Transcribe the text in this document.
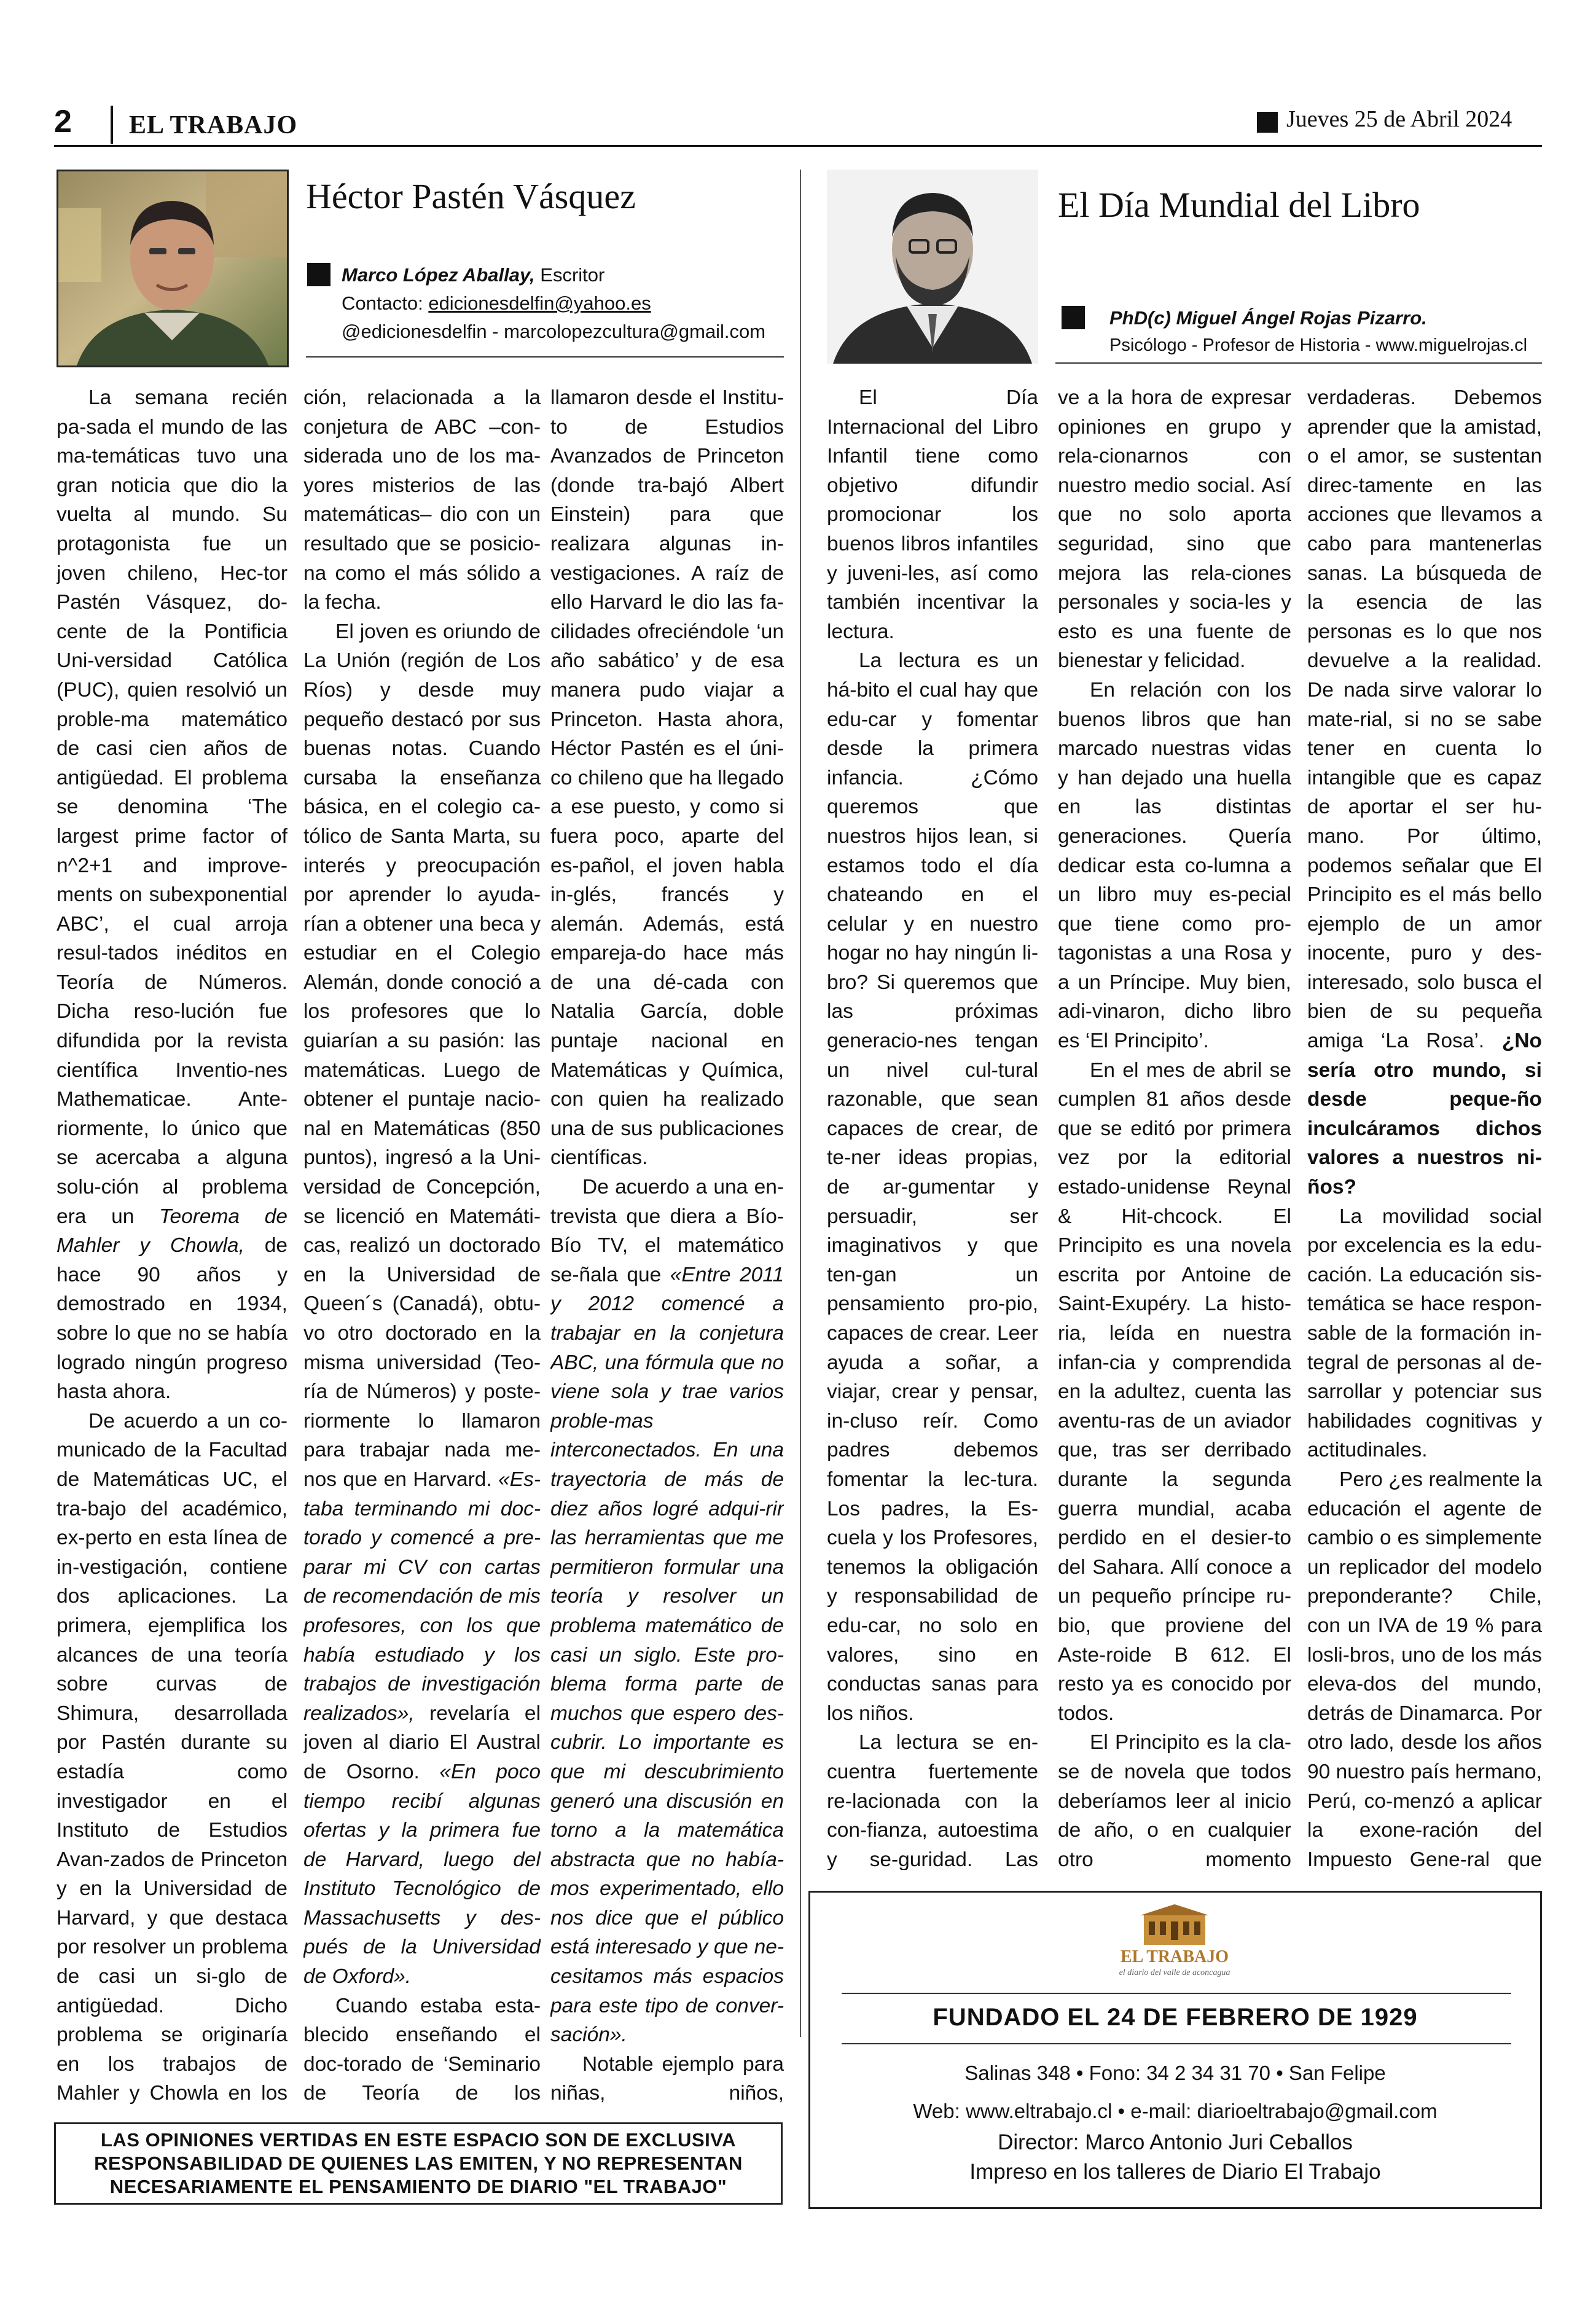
2 EL TRABAJO	Jueves 25 de Abril 2024
Héctor Pastén Vásquez
Marco López Aballay, Escritor
Contacto: edicionesdelfin@yahoo.es
@edicionesdelfin - marcolopezcultura@gmail.com

La semana recién pa-sada el mundo de las ma-temáticas tuvo una gran noticia que dio la vuelta al mundo. Su protagonista fue un joven chileno, Hec-tor Pastén Vásquez, do-cente de la Pontificia Uni-versidad Católica (PUC), quien resolvió un proble-ma matemático de casi cien años de antigüedad. El problema se denomina ‘The largest prime factor of n^2+1 and improve-ments on subexponential ABC’, el cual arroja resul-tados inéditos en Teoría de Números. Dicha reso-lución fue difundida por la revista científica Inventio-nes Mathematicae. Ante-riormente, lo único que se acercaba a alguna solu-ción al problema era un Teorema de Mahler y Chowla, de hace 90 años y demostrado en 1934, sobre lo que no se había logrado ningún progreso hasta ahora.

De acuerdo a un co-municado de la Facultad de Matemáticas UC, el tra-bajo del académico, ex-perto en esta línea de in-vestigación, contiene dos aplicaciones. La primera, ejemplifica los alcances de una teoría sobre curvas de Shimura, desarrollada por Pastén durante su estadía como investigador en el Instituto de Estudios Avan-zados de Princeton y en la Universidad de Harvard, y que destaca por resolver un problema de casi un si-glo de antigüedad. Dicho problema se originaría en los trabajos de Mahler y Chowla en los

ción, relacionada a la conjetura de ABC –con-siderada uno de los ma-yores misterios de las matemáticas– dio con un resultado que se posicio-na como el más sólido a la fecha.

El joven es oriundo de La Unión (región de Los Ríos) y desde muy pequeño destacó por sus buenas notas. Cuando cursaba la enseñanza básica, en el colegio ca-tólico de Santa Marta, su interés y preocupación por aprender lo ayuda-rían a obtener una beca y estudiar en el Colegio Alemán, donde conoció a los profesores que lo guiarían a su pasión: las matemáticas. Luego de obtener el puntaje nacio-nal en Matemáticas (850 puntos), ingresó a la Uni-versidad de Concepción, se licenció en Matemáti-cas, realizó un doctorado en la Universidad de Queen´s (Canadá), obtu-vo otro doctorado en la misma universidad (Teo-ría de Números) y poste-riormente lo llamaron para trabajar nada me-nos que en Harvard. «Es-taba terminando mi doc-torado y comencé a pre-parar mi CV con cartas de recomendación de mis profesores, con los que había estudiado y los trabajos de investigación realizados», revelaría el joven al diario El Austral de Osorno. «En poco tiempo recibí algunas ofertas y la primera fue de Harvard, luego del Instituto Tecnológico de Massachusetts y des-pués de la Universidad de Oxford».

Cuando estaba esta-blecido enseñando el doc-torado de ‘Seminario de Teoría de los

llamaron desde el Institu-to de Estudios Avanzados de Princeton (donde tra-bajó Albert Einstein) para que realizara algunas in-vestigaciones. A raíz de ello Harvard le dio las fa-cilidades ofreciéndole ‘un año sabático’ y de esa manera pudo viajar a Princeton. Hasta ahora, Héctor Pastén es el úni-co chileno que ha llegado a ese puesto, y como si fuera poco, aparte del es-pañol, el joven habla in-glés, francés y alemán. Además, está empareja-do hace más de una dé-cada con Natalia García, doble puntaje nacional en Matemáticas y Química, con quien ha realizado una de sus publicaciones científicas.

De acuerdo a una en-trevista que diera a Bío-Bío TV, el matemático se-ñala que «Entre 2011 y 2012 comencé a trabajar en la conjetura ABC, una fórmula que no viene sola y trae varios proble-mas interconectados. En una trayectoria de más de diez años logré adqui-rir las herramientas que me permitieron formular una teoría y resolver un problema matemático de casi un siglo. Este pro-blema forma parte de muchos que espero des-cubrir. Lo importante es que mi descubrimiento generó una discusión en torno a la matemática abstracta que no había-mos experimentado, ello nos dice que el público está interesado y que ne-cesitamos más espacios para este tipo de conver-sación».

Notable ejemplo para niñas, niños,

LAS OPINIONES VERTIDAS EN ESTE ESPACIO SON DE EXCLUSIVA RESPONSABILIDAD DE QUIENES LAS EMITEN, Y NO REPRESENTAN NECESARIAMENTE EL PENSAMIENTO DE DIARIO "EL TRABAJO"
El Día Mundial del Libro
PhD(c) Miguel Ángel Rojas Pizarro.
Psicólogo - Profesor de Historia - www.miguelrojas.cl

El Día Internacional del Libro Infantil tiene como objetivo difundir promocionar los buenos libros infantiles y juveni-les, así como también incentivar la lectura.

La lectura es un há-bito el cual hay que edu-car y fomentar desde la primera infancia. ¿Cómo queremos que nuestros hijos lean, si estamos todo el día chateando en el celular y en nuestro hogar no hay ningún li-bro? Si queremos que las próximas generacio-nes tengan un nivel cul-tural razonable, que sean capaces de crear, de te-ner ideas propias, de ar-gumentar y persuadir, ser imaginativos y que ten-gan un pensamiento pro-pio, capaces de crear. Leer ayuda a soñar, a viajar, crear y pensar, in-cluso reír. Como padres debemos fomentar la lec-tura. Los padres, la Es-cuela y los Profesores, tenemos la obligación y responsabilidad de edu-car, no solo en valores, sino en conductas sanas para los niños.

La lectura se en-cuentra fuertemente re-lacionada con la con-fianza, autoestima y se-guridad. Las

ve a la hora de expresar opiniones en grupo y rela-cionarnos con nuestro medio social. Así que no solo aporta seguridad, sino que mejora las rela-ciones personales y socia-les y esto es una fuente de bienestar y felicidad.

En relación con los buenos libros que han marcado nuestras vidas y han dejado una huella en las distintas generaciones. Quería dedicar esta co-lumna a un libro muy es-pecial que tiene como pro-tagonistas a una Rosa y a un Príncipe. Muy bien, adi-vinaron, dicho libro es ‘El Principito’.

En el mes de abril se cumplen 81 años desde que se editó por primera vez por la editorial estado-unidense Reynal & Hit-chcock. El Principito es una novela escrita por Antoine de Saint-Exupéry. La histo-ria, leída en nuestra infan-cia y comprendida en la adultez, cuenta las aventu-ras de un aviador que, tras ser derribado durante la segunda guerra mundial, acaba perdido en el desier-to del Sahara. Allí conoce a un pequeño príncipe ru-bio, que proviene del Aste-roide B 612. El resto ya es conocido por todos.

El Principito es la cla-se de novela que todos deberíamos leer al inicio de año, o en cualquier otro momento

verdaderas. Debemos aprender que la amistad, o el amor, se sustentan direc-tamente en las acciones que llevamos a cabo para mantenerlas sanas. La búsqueda de la esencia de las personas es lo que nos devuelve a la realidad. De nada sirve valorar lo mate-rial, si no se sabe tener en cuenta lo intangible que es capaz de aportar el ser hu-mano. Por último, podemos señalar que El Principito es el más bello ejemplo de un amor inocente, puro y des-interesado, solo busca el bien de su pequeña amiga ‘La Rosa’. ¿No sería otro mundo, si desde peque-ño inculcáramos dichos valores a nuestros ni-ños?

La movilidad social por excelencia es la edu-cación. La educación sis-temática se hace respon-sable de la formación in-tegral de personas al de-sarrollar y potenciar sus habilidades cognitivas y actitudinales.

Pero ¿es realmente la educación el agente de cambio o es simplemente un replicador del modelo preponderante? Chile, con un IVA de 19 % para losli-bros, uno de los más eleva-dos del mundo, detrás de Dinamarca. Por otro lado, desde los años 90 nuestro país hermano, Perú, co-menzó a aplicar la exone-ración del Impuesto Gene-ral que

EL TRABAJO
el diario del valle de aconcagua
FUNDADO EL 24 DE FEBRERO DE 1929
Salinas 348 • Fono: 34 2 34 31 70 • San Felipe
Web: www.eltrabajo.cl • e-mail: diarioeltrabajo@gmail.com
Director: Marco Antonio Juri Ceballos
Impreso en los talleres de Diario El Trabajo
